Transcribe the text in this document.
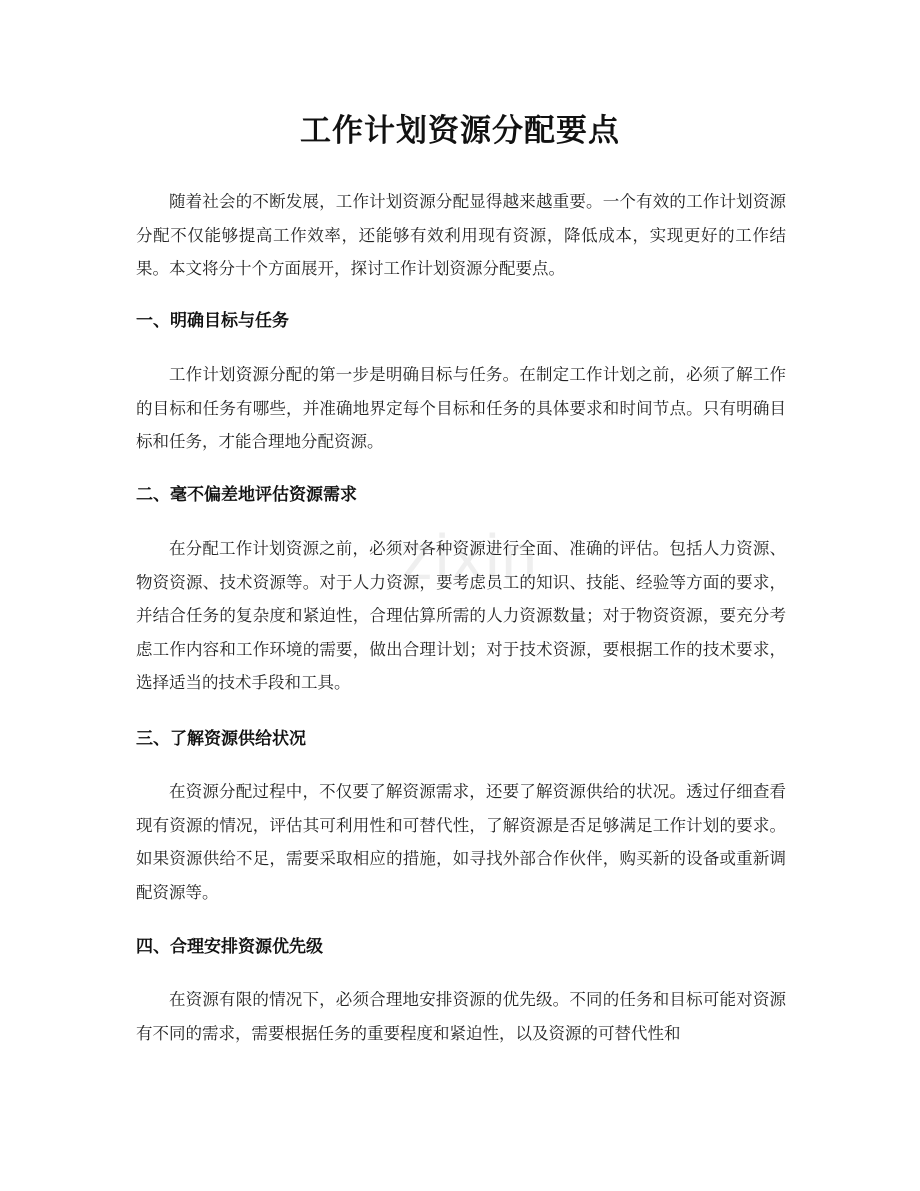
工作计划资源分配要点
随着社会的不断发展，工作计划资源分配显得越来越重要。一个有效的工作计划资源分配不仅能够提高工作效率，还能够有效利用现有资源，降低成本，实现更好的工作结果。本文将分十个方面展开，探讨工作计划资源分配要点。
一、明确目标与任务
工作计划资源分配的第一步是明确目标与任务。在制定工作计划之前，必须了解工作的目标和任务有哪些，并准确地界定每个目标和任务的具体要求和时间节点。只有明确目标和任务，才能合理地分配资源。
二、毫不偏差地评估资源需求
在分配工作计划资源之前，必须对各种资源进行全面、准确的评估。包括人力资源、物资资源、技术资源等。对于人力资源，要考虑员工的知识、技能、经验等方面的要求，并结合任务的复杂度和紧迫性，合理估算所需的人力资源数量；对于物资资源，要充分考虑工作内容和工作环境的需要，做出合理计划；对于技术资源，要根据工作的技术要求，选择适当的技术手段和工具。
三、了解资源供给状况
在资源分配过程中，不仅要了解资源需求，还要了解资源供给的状况。透过仔细查看现有资源的情况，评估其可利用性和可替代性，了解资源是否足够满足工作计划的要求。如果资源供给不足，需要采取相应的措施，如寻找外部合作伙伴，购买新的设备或重新调配资源等。
四、合理安排资源优先级
在资源有限的情况下，必须合理地安排资源的优先级。不同的任务和目标可能对资源有不同的需求，需要根据任务的重要程度和紧迫性，以及资源的可替代性和
zixin
